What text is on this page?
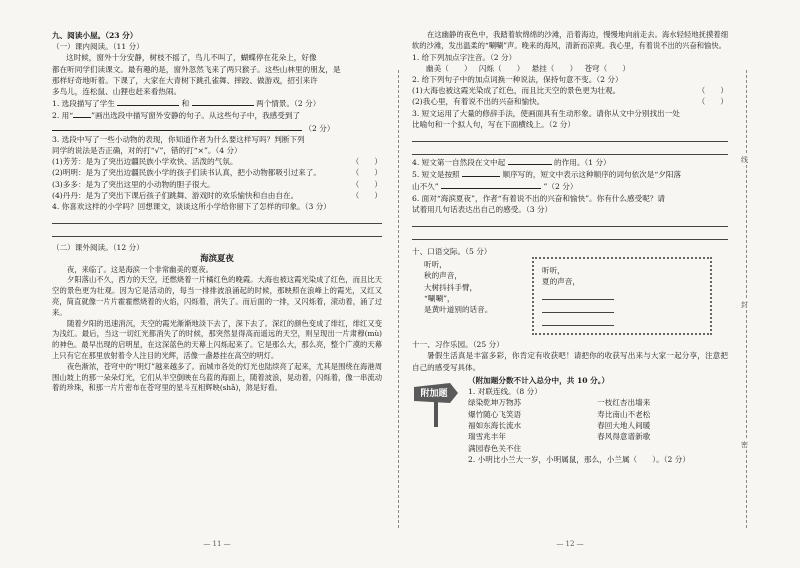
九、阅读小屋。（23 分）
（一）课内阅读。（11 分）
这时候，窗外十分安静，树枝不摇了，鸟儿不叫了，蝴蝶停在花朵上，好像
都在听同学们读课文。最有趣的是，窗外忽然飞来了两只猴子。这些山林里的朋友，是
那样好奇地听着。下课了，大家在大青树下跳孔雀舞、摔跤、做游戏，招引来许
多鸟儿，连松鼠、山狸也赶来看热闹。
1. 选段描写了学生	和	两个情景。（2 分）
2. 用“ ”画出选段中描写窗外安静的句子。从这些句子中，我感受到了
（2 分）
3. 选段中写了一些小动物的表现，你知道作者为什么要这样写吗？判断下列
同学的说法是否正确，对的打“√”，错的打“×”。（4 分）
(1)芳芳：是为了突出边疆民族小学欢快、活泼的气氛。	（　　）
(2)明明：是为了突出边疆民族小学的孩子们读书认真，把小动物都吸引过来了。	（　　）
(3)多多：是为了突出这里的小动物的胆子很大。	（　　）
(4)丹丹：是为了突出下课后孩子们跳舞、游戏时的欢乐愉快和自由自在。	（　　）
4. 你喜欢这样的小学吗？回想课文，谈谈这所小学给你留下了怎样的印象。（3 分）
（二）课外阅读。（12 分）
海滨夏夜

夜，来临了。这是海滨一个非常幽美的夏夜。

夕阳落山不久，西方的天空，还燃烧着一片橘红色的晚霞。大海也被这霞光染成了红色，而且比天空的景色更为壮观。因为它是活动的，每当一排排波浪涌起的时候，那映照在浪峰上的霞光，又红又亮，简直就像一片片霍霍燃烧着的火焰，闪烁着，消失了。而后面的一排，又闪烁着，滚动着，涌了过来。

随着夕阳的迅速消沉，天空的霞光渐渐地淡下去了，深下去了。深红的颜色变成了绯红，绯红又变为浅红。最后，当这一切红光都消失了的时候，那突然显得高而遥远的天空，则呈现出一片肃穆(mù)的神色。最早出现的启明星，在这深蓝色的天幕上闪烁起来了。它是那么大，那么亮，整个广漠的天幕上只有它在那里放射着令人注目的光辉，活像一盏悬挂在高空的明灯。

夜色渐浓，苍穹中的“明灯”越来越多了。而城市各处的灯光也陆续亮了起来，尤其是围绕在海港周围山坡上的那一朵朵灯光，它们从半空倒映在乌蓝的海面上，随着波浪，晃动着，闪烁着，像一串流动着的珍珠，和那一片片密布在苍穹里的星斗互相辉映(shǎ)，煞是好看。

— 11 —
线
封
密

在这幽静的夜色中，我踏着软绵绵的沙滩，沿着海边，慢慢地向前走去。海水轻轻地抚摸着细软的沙滩，发出温柔的“唰唰”声。晚来的海风，清新而凉爽。我心里，有着说不出的兴奋和愉快。

1. 给下列加点字注音。（2 分）
幽美（　　） 闪烁（　　） 悬挂（　　） 苍穹（　　）
2. 给下列句子中的加点词换一种说法，保持句意不变。（2 分）
(1)大海也被这霞光染成了红色，而且比天空的景色更为壮观。	（　　）
(2)我心里，有着说不出的兴奋和愉快。	（　　）
3. 短文运用了大量的修辞手法，使画面具有生动形象。请你从文中分别找出一处
比喻句和一个拟人句，写在下面横线上。（2 分）
4. 短文第一自然段在文中起	的作用。（1 分）
5. 短文是按照	顺序写的，短文中表示这种顺序的词句依次是“夕阳落
山不久”	”（2 分）
6. 面对“海滨夏夜”，作者“有着说不出的兴奋和愉快”。你有什么感受呢？请
试着用几句话表达出自己的感受。（3 分）
十、口语交际。（5 分）
听听，
秋的声音，
大树抖抖手臂，
“唰唰”，
是黄叶道别的话音。
听听，
夏的声音，
十一、习作乐园。（25 分）

暑假生活真是丰富多彩，你肯定有收获吧！请把你的收获写出来与大家一起分享，注意把自己的感受写具体。

附加题
（附加题分数不计入总分中，共 10 分。）
1. 对联连线。（8 分）
绿染乾坤万物苏	一枝红杏出墙来
爆竹随心飞笑语	寿比南山不老松
福如东海长流水	春回大地人间暖
瑞雪兆丰年	春风得意谱新歌
满园春色关不住	
2. 小明比小兰大一岁，小明属鼠，那么，小兰属（　　）。（2 分）
— 12 —
